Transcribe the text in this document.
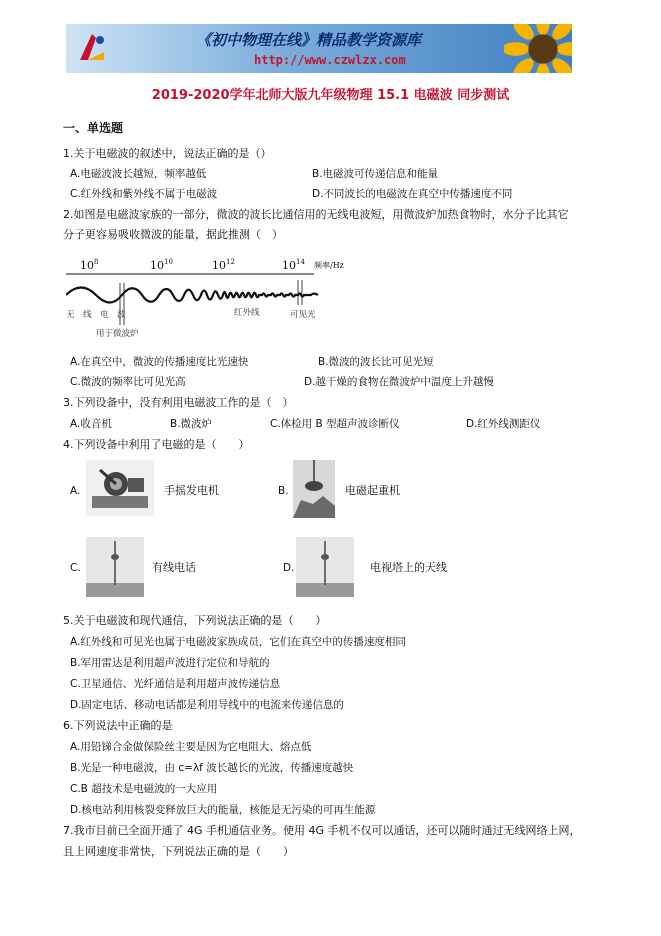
《初中物理在线》精品教学资源库
http://www.czwlzx.com
2019-2020学年北师大版九年级物理 15.1 电磁波 同步测试
一、单选题
1.关于电磁波的叙述中，说法正确的是（）
A.电磁波波长越短，频率越低	B.电磁波可传递信息和能量
C.红外线和紫外线不属于电磁波	D.不同波长的电磁波在真空中传播速度不同
2.如图是电磁波家族的一部分，微波的波长比通信用的无线电波短，用微波炉加热食物时，水分子比其它
分子更容易吸收微波的能量，据此推测（　）
$10^8$	$10^{10}$	$10^{12}$	$10^{14}$ 频率/Hz
无　线　电　波	红外线	可见光
用于微波炉
A.在真空中，微波的传播速度比光速快	B.微波的波长比可见光短
C.微波的频率比可见光高	D.越干燥的食物在微波炉中温度上升越慢
3.下列设备中，没有利用电磁波工作的是（　）
A.收音机	B.微波炉	C.体检用 B 型超声波诊断仪	D.红外线测距仪
4.下列设备中利用了电磁的是（　　）
A.	手摇发电机	B.	电磁起重机
C.	有线电话	D.	电视塔上的天线
5.关于电磁波和现代通信，下列说法正确的是（　　）
A.红外线和可见光也属于电磁波家族成员，它们在真空中的传播速度相同
B.军用雷达是利用超声波进行定位和导航的
C.卫星通信、光纤通信是利用超声波传递信息
D.固定电话、移动电话都是利用导线中的电流来传递信息的
6.下列说法中正确的是
A.用铅锑合金做保险丝主要是因为它电阻大、熔点低
B.光是一种电磁波，由 c=λf 波长越长的光波，传播速度越快
C.B 超技术是电磁波的一大应用
D.核电站利用核裂变释放巨大的能量，核能是无污染的可再生能源
7.我市目前已全面开通了 4G 手机通信业务。使用 4G 手机不仅可以通话，还可以随时通过无线网络上网，
且上网速度非常快，下列说法正确的是（　　）
